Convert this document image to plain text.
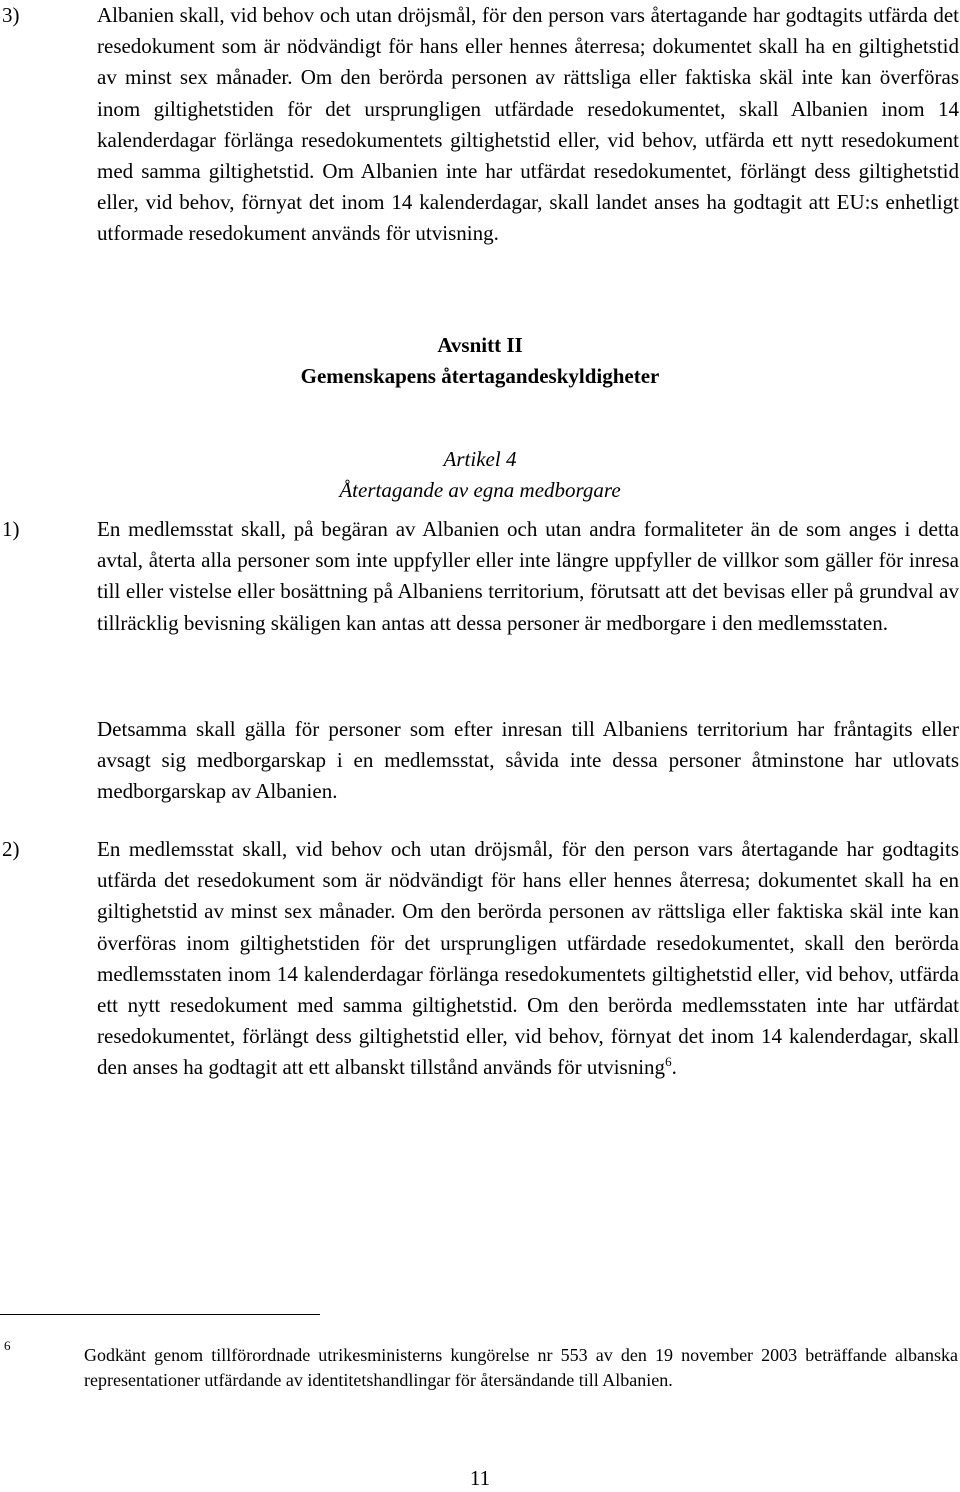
3)	Albanien skall, vid behov och utan dröjsmål, för den person vars återtagande har godtagits utfärda det resedokument som är nödvändigt för hans eller hennes återresa; dokumentet skall ha en giltighetstid av minst sex månader. Om den berörda personen av rättsliga eller faktiska skäl inte kan överföras inom giltighetstiden för det ursprungligen utfärdade resedokumentet, skall Albanien inom 14 kalenderdagar förlänga resedokumentets giltighetstid eller, vid behov, utfärda ett nytt resedokument med samma giltighetstid. Om Albanien inte har utfärdat resedokumentet, förlängt dess giltighetstid eller, vid behov, förnyat det inom 14 kalenderdagar, skall landet anses ha godtagit att EU:s enhetligt utformade resedokument används för utvisning.

Avsnitt II
Gemenskapens återtagandeskyldigheter
Artikel 4
Återtagande av egna medborgare
1)	En medlemsstat skall, på begäran av Albanien och utan andra formaliteter än de som anges i detta avtal, återta alla personer som inte uppfyller eller inte längre uppfyller de villkor som gäller för inresa till eller vistelse eller bosättning på Albaniens territorium, förutsatt att det bevisas eller på grundval av tillräcklig bevisning skäligen kan antas att dessa personer är medborgare i den medlemsstaten.

Detsamma skall gälla för personer som efter inresan till Albaniens territorium har fråntagits eller avsagt sig medborgarskap i en medlemsstat, såvida inte dessa personer åtminstone har utlovats medborgarskap av Albanien.

2)	En medlemsstat skall, vid behov och utan dröjsmål, för den person vars återtagande har godtagits utfärda det resedokument som är nödvändigt för hans eller hennes återresa; dokumentet skall ha en giltighetstid av minst sex månader. Om den berörda personen av rättsliga eller faktiska skäl inte kan överföras inom giltighetstiden för det ursprungligen utfärdade resedokumentet, skall den berörda medlemsstaten inom 14 kalenderdagar förlänga resedokumentets giltighetstid eller, vid behov, utfärda ett nytt resedokument med samma giltighetstid. Om den berörda medlemsstaten inte har utfärdat resedokumentet, förlängt dess giltighetstid eller, vid behov, förnyat det inom 14 kalenderdagar, skall den anses ha godtagit att ett albanskt tillstånd används för utvisning$^6$.

6	Godkänt genom tillförordnade utrikesministerns kungörelse nr 553 av den 19 november 2003 beträffande albanska representationer utfärdande av identitetshandlingar för återsändande till Albanien.

11
